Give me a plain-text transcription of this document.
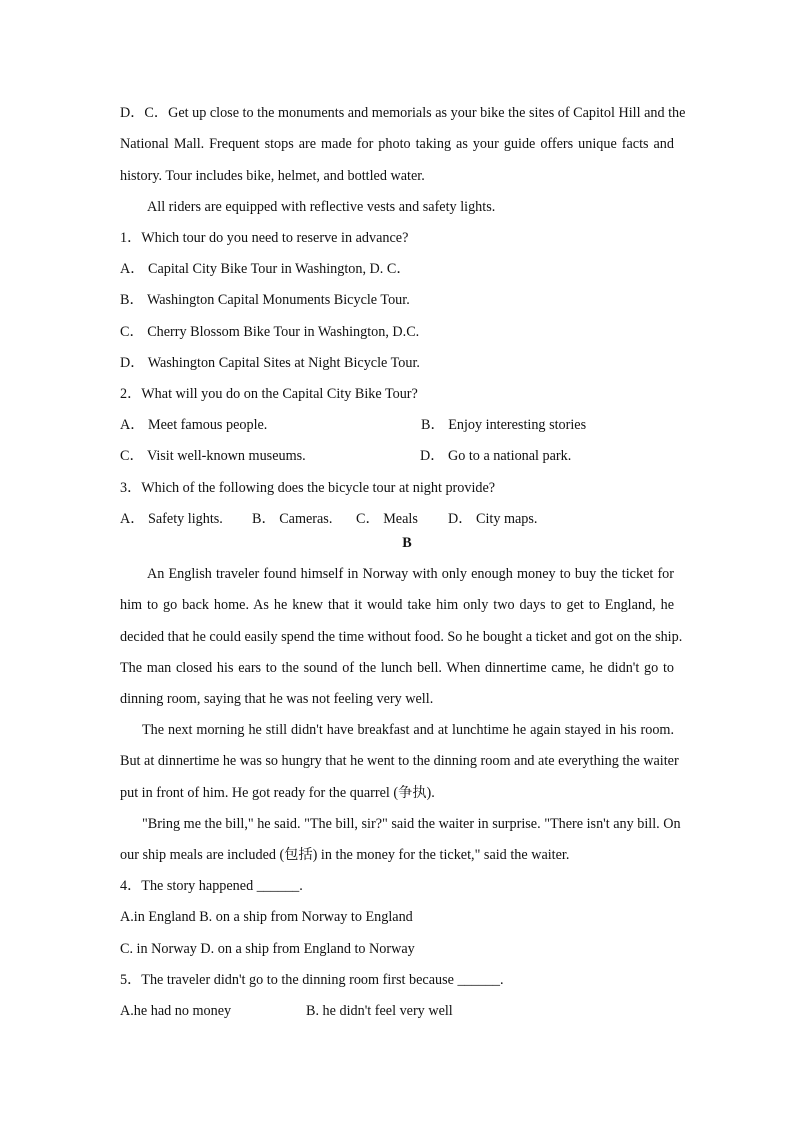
D．C．Get up close to the monuments and memorials as your bike the sites of Capitol Hill and the
National Mall. Frequent stops are made for photo taking as your guide offers unique facts and
history. Tour includes bike, helmet, and bottled water.
All riders are equipped with reflective vests and safety lights.
1．Which tour do you need to reserve in advance?
A． Capital City Bike Tour in Washington, D. C．
B． Washington Capital Monuments Bicycle Tour.
C． Cherry Blossom Bike Tour in Washington, D.C.
D． Washington Capital Sites at Night Bicycle Tour.
2．What will you do on the Capital City Bike Tour?
A． Meet famous people.	B． Enjoy interesting stories
C． Visit well-known museums.	D． Go to a national park.
3．Which of the following does the bicycle tour at night provide?
A． Safety lights. B． Cameras. C． Meals D． City maps.
B
An English traveler found himself in Norway with only enough money to buy the ticket for
him to go back home. As he knew that it would take him only two days to get to England, he
decided that he could easily spend the time without food. So he bought a ticket and got on the ship.
The man closed his ears to the sound of the lunch bell. When dinnertime came, he didn't go to
dinning room, saying that he was not feeling very well.
The next morning he still didn't have breakfast and at lunchtime he again stayed in his room.
But at dinnertime he was so hungry that he went to the dinning room and ate everything the waiter
put in front of him. He got ready for the quarrel (争执).
"Bring me the bill," he said. "The bill, sir?" said the waiter in surprise. "There isn't any bill. On
our ship meals are included (包括) in the money for the ticket," said the waiter.
4．The story happened ______.
A.in England B. on a ship from Norway to England
C. in Norway D. on a ship from England to Norway
5．The traveler didn't go to the dinning room first because ______.
A.he had no money	B. he didn't feel very well
